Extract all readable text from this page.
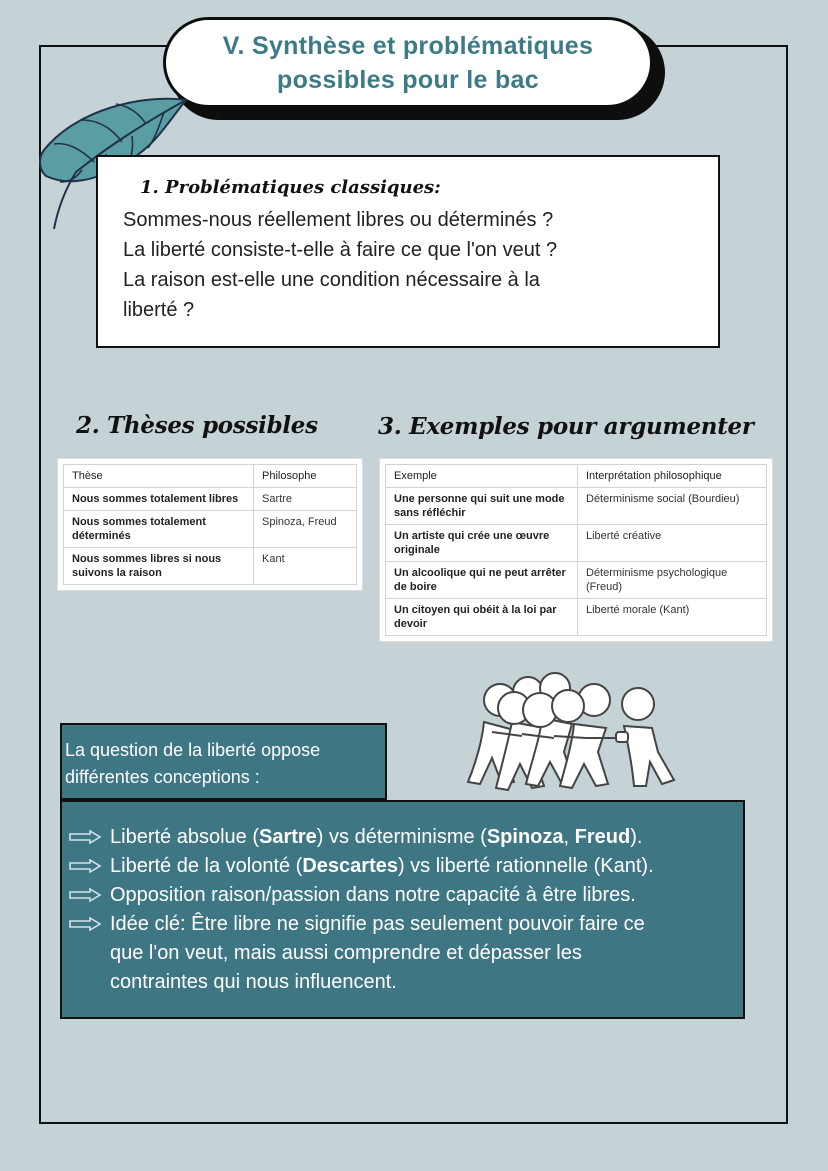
V. Synthèse et problématiques
possibles pour le bac
1. Problématiques classiques:
Sommes-nous réellement libres ou déterminés ?
La liberté consiste-t-elle à faire ce que l'on veut ?
La raison est-elle une condition nécessaire à la
liberté ?
2. Thèses possibles	3. Exemples pour argumenter
Thèse	Philosophe
Nous sommes totalement libres	Sartre
Nous sommes totalement déterminés	Spinoza, Freud
Nous sommes libres si nous suivons la raison	Kant
Exemple	Interprétation philosophique
Une personne qui suit une mode sans réfléchir	Déterminisme social (Bourdieu)
Un artiste qui crée une œuvre originale	Liberté créative
Un alcoolique qui ne peut arrêter de boire	Déterminisme psychologique (Freud)
Un citoyen qui obéit à la loi par devoir	Liberté morale (Kant)
La question de la liberté oppose
différentes conceptions :
Liberté absolue (Sartre) vs déterminisme (Spinoza, Freud).
Liberté de la volonté (Descartes) vs liberté rationnelle (Kant).
Opposition raison/passion dans notre capacité à être libres.
Idée clé: Être libre ne signifie pas seulement pouvoir faire ce
que l'on veut, mais aussi comprendre et dépasser les
contraintes qui nous influencent.
